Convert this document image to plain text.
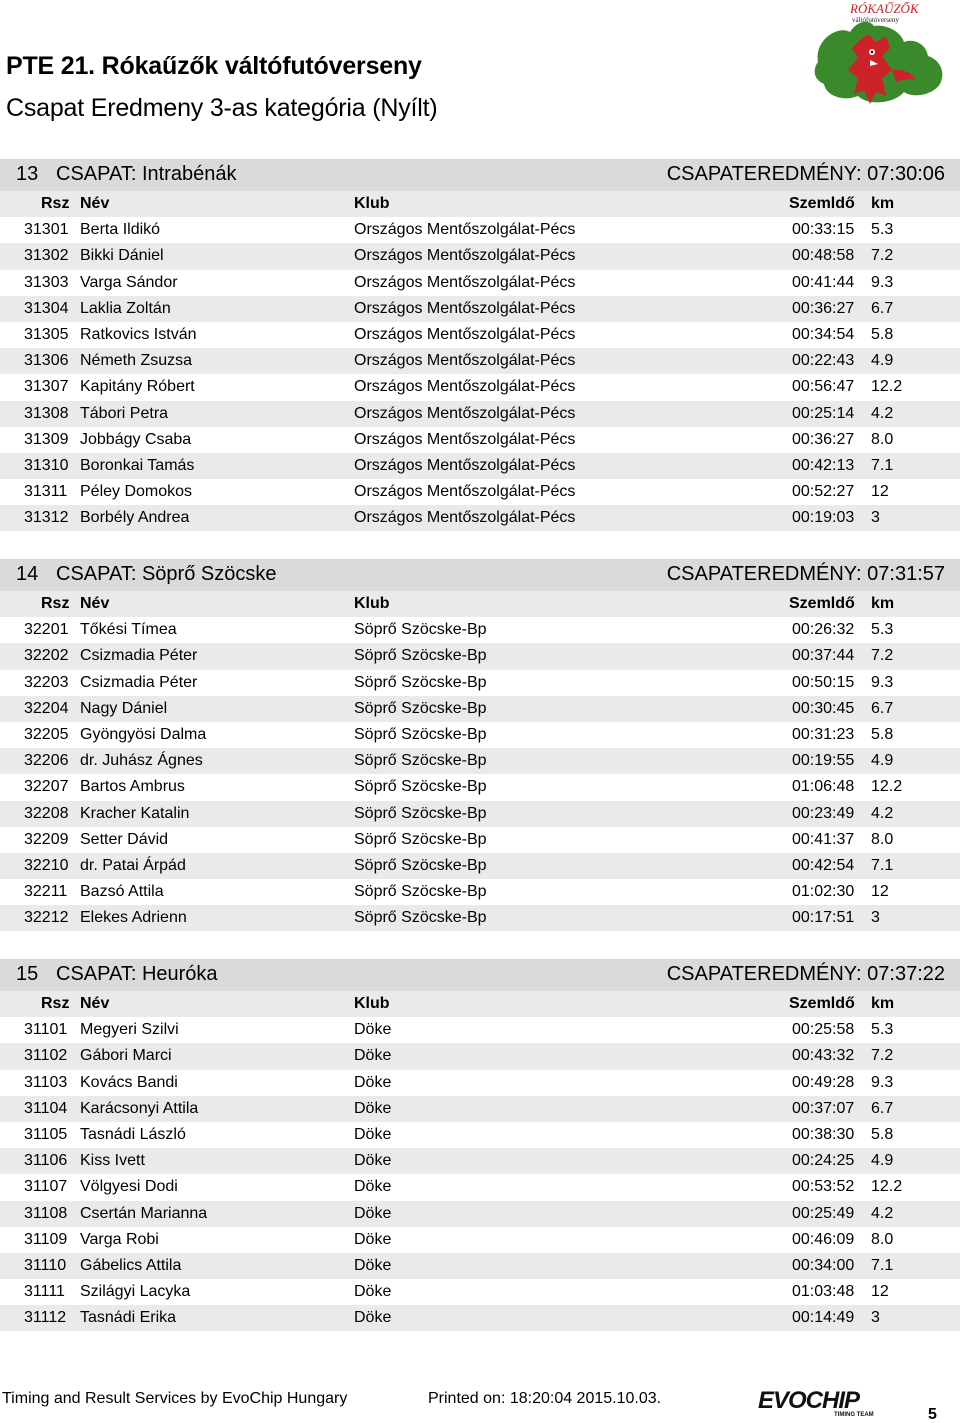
PTE 21. Rókaűzők váltófutóverseny
Csapat Eredmeny 3-as kategória (Nyílt)
RÓKAŰZŐK
váltófutóverseny
13 CSAPAT: Intrabénák	CSAPATEREDMÉNY: 07:30:06
Rsz Név	Klub	Szemldő km
31301 Berta Ildikó	Országos Mentőszolgálat-Pécs	00:33:15 5.3
31302 Bikki Dániel	Országos Mentőszolgálat-Pécs	00:48:58 7.2
31303 Varga Sándor	Országos Mentőszolgálat-Pécs	00:41:44 9.3
31304 Laklia Zoltán	Országos Mentőszolgálat-Pécs	00:36:27 6.7
31305 Ratkovics István	Országos Mentőszolgálat-Pécs	00:34:54 5.8
31306 Németh Zsuzsa	Országos Mentőszolgálat-Pécs	00:22:43 4.9
31307 Kapitány Róbert	Országos Mentőszolgálat-Pécs	00:56:47 12.2
31308 Tábori Petra	Országos Mentőszolgálat-Pécs	00:25:14 4.2
31309 Jobbágy Csaba	Országos Mentőszolgálat-Pécs	00:36:27 8.0
31310 Boronkai Tamás	Országos Mentőszolgálat-Pécs	00:42:13 7.1
31311 Péley Domokos	Országos Mentőszolgálat-Pécs	00:52:27 12
31312 Borbély Andrea	Országos Mentőszolgálat-Pécs	00:19:03 3
14 CSAPAT: Söprő Szöcske	CSAPATEREDMÉNY: 07:31:57
Rsz Név	Klub	Szemldő km
32201 Tőkési Tímea	Söprő Szöcske-Bp	00:26:32 5.3
32202 Csizmadia Péter	Söprő Szöcske-Bp	00:37:44 7.2
32203 Csizmadia Péter	Söprő Szöcske-Bp	00:50:15 9.3
32204 Nagy Dániel	Söprő Szöcske-Bp	00:30:45 6.7
32205 Gyöngyösi Dalma	Söprő Szöcske-Bp	00:31:23 5.8
32206 dr. Juhász Ágnes	Söprő Szöcske-Bp	00:19:55 4.9
32207 Bartos Ambrus	Söprő Szöcske-Bp	01:06:48 12.2
32208 Kracher Katalin	Söprő Szöcske-Bp	00:23:49 4.2
32209 Setter Dávid	Söprő Szöcske-Bp	00:41:37 8.0
32210 dr. Patai Árpád	Söprő Szöcske-Bp	00:42:54 7.1
32211 Bazsó Attila	Söprő Szöcske-Bp	01:02:30 12
32212 Elekes Adrienn	Söprő Szöcske-Bp	00:17:51 3
15 CSAPAT: Heuróka	CSAPATEREDMÉNY: 07:37:22
Rsz Név	Klub	Szemldő km
31101 Megyeri Szilvi	Döke	00:25:58 5.3
31102 Gábori Marci	Döke	00:43:32 7.2
31103 Kovács Bandi	Döke	00:49:28 9.3
31104 Karácsonyi Attila	Döke	00:37:07 6.7
31105 Tasnádi László	Döke	00:38:30 5.8
31106 Kiss Ivett	Döke	00:24:25 4.9
31107 Völgyesi Dodi	Döke	00:53:52 12.2
31108 Csertán Marianna	Döke	00:25:49 4.2
31109 Varga Robi	Döke	00:46:09 8.0
31110 Gábelics Attila	Döke	00:34:00 7.1
31111 Szilágyi Lacyka	Döke	01:03:48 12
31112 Tasnádi Erika	Döke	00:14:49 3
Timing and Result Services by EvoChip Hungary	Printed on: 18:20:04 2015.10.03.	EVOCHIP
TIMING TEAM	5
